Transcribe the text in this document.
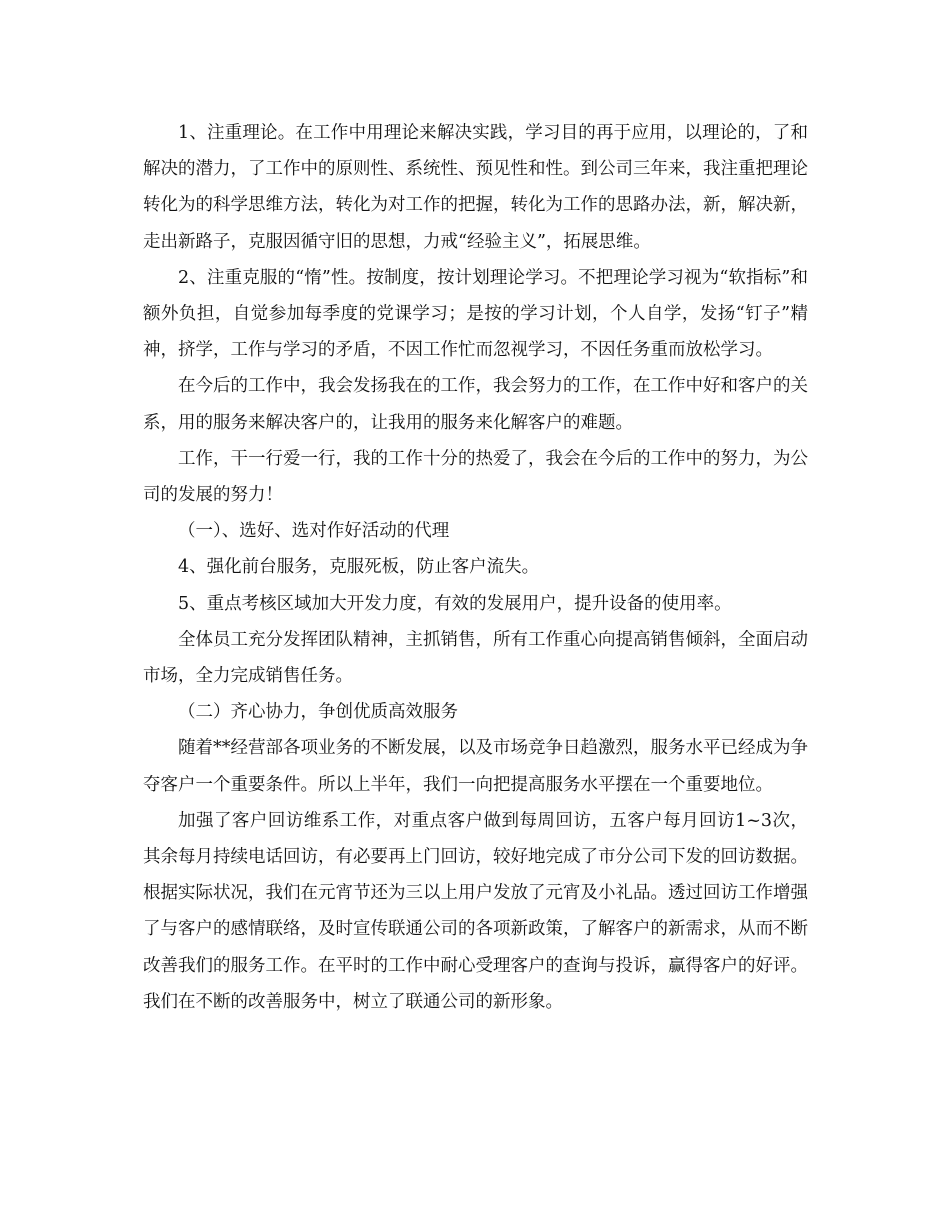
1、注重理论。在工作中用理论来解决实践，学习目的再于应用，以理论的，了和解决的潜力，了工作中的原则性、系统性、预见性和性。到公司三年来，我注重把理论转化为的科学思维方法，转化为对工作的把握，转化为工作的思路办法，新，解决新，走出新路子，克服因循守旧的思想，力戒“经验主义”，拓展思维。

2、注重克服的“惰”性。按制度，按计划理论学习。不把理论学习视为“软指标”和额外负担，自觉参加每季度的党课学习；是按的学习计划，个人自学，发扬“钉子”精神，挤学，工作与学习的矛盾，不因工作忙而忽视学习，不因任务重而放松学习。

在今后的工作中，我会发扬我在的工作，我会努力的工作，在工作中好和客户的关系，用的服务来解决客户的，让我用的服务来化解客户的难题。

工作，干一行爱一行，我的工作十分的热爱了，我会在今后的工作中的努力，为公司的发展的努力！

（一）、选好、选对作好活动的代理

4、强化前台服务，克服死板，防止客户流失。

5、重点考核区域加大开发力度，有效的发展用户，提升设备的使用率。

全体员工充分发挥团队精神，主抓销售，所有工作重心向提高销售倾斜，全面启动市场，全力完成销售任务。

（二）齐心协力，争创优质高效服务

随着**经营部各项业务的不断发展，以及市场竞争日趋激烈，服务水平已经成为争夺客户一个重要条件。所以上半年，我们一向把提高服务水平摆在一个重要地位。

加强了客户回访维系工作，对重点客户做到每周回访，五客户每月回访1~3次，其余每月持续电话回访，有必要再上门回访，较好地完成了市分公司下发的回访数据。根据实际状况，我们在元宵节还为三以上用户发放了元宵及小礼品。透过回访工作增强了与客户的感情联络，及时宣传联通公司的各项新政策，了解客户的新需求，从而不断改善我们的服务工作。在平时的工作中耐心受理客户的查询与投诉，赢得客户的好评。我们在不断的改善服务中，树立了联通公司的新形象。
